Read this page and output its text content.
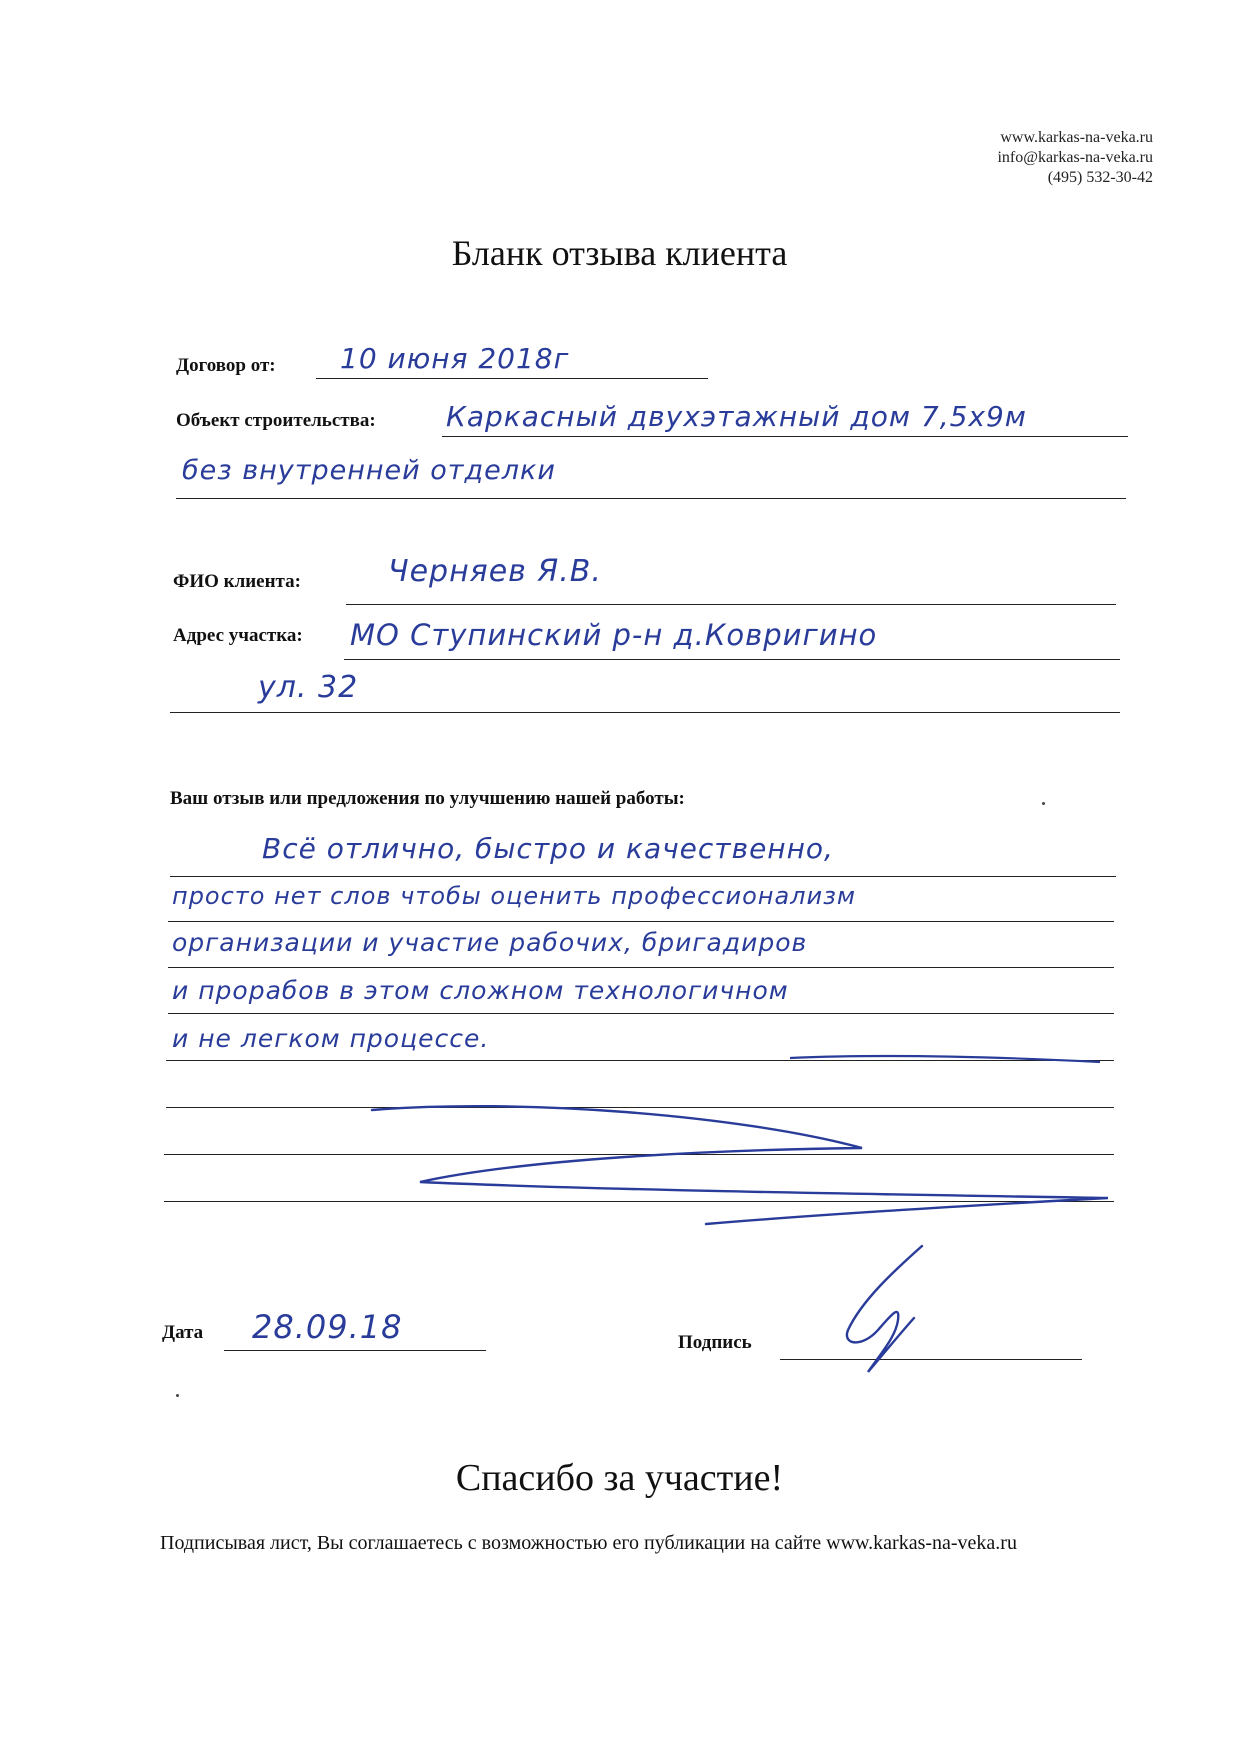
www.karkas-na-veka.ru
info@karkas-na-veka.ru
(495) 532-30-42
Бланк отзыва клиента
Договор от: 10 июня 2018г
Объект строительства:	Каркасный двухэтажный дом 7,5х9м
без внутренней отделки
ФИО клиента:	Черняев Я.В.
Адрес участка: МО Ступинский р-н д.Ковригино
ул. 32
Ваш отзыв или предложения по улучшению нашей работы:
Всё отлично, быстро и качественно,
просто нет слов чтобы оценить профессионализм
организации и участие рабочих, бригадиров
и прорабов в этом сложном технологичном
и не легком процессе.
Дата 28.09.18	Подпись
Спасибо за участие!
Подписывая лист, Вы соглашаетесь с возможностью его публикации на сайте www.karkas-na-veka.ru
